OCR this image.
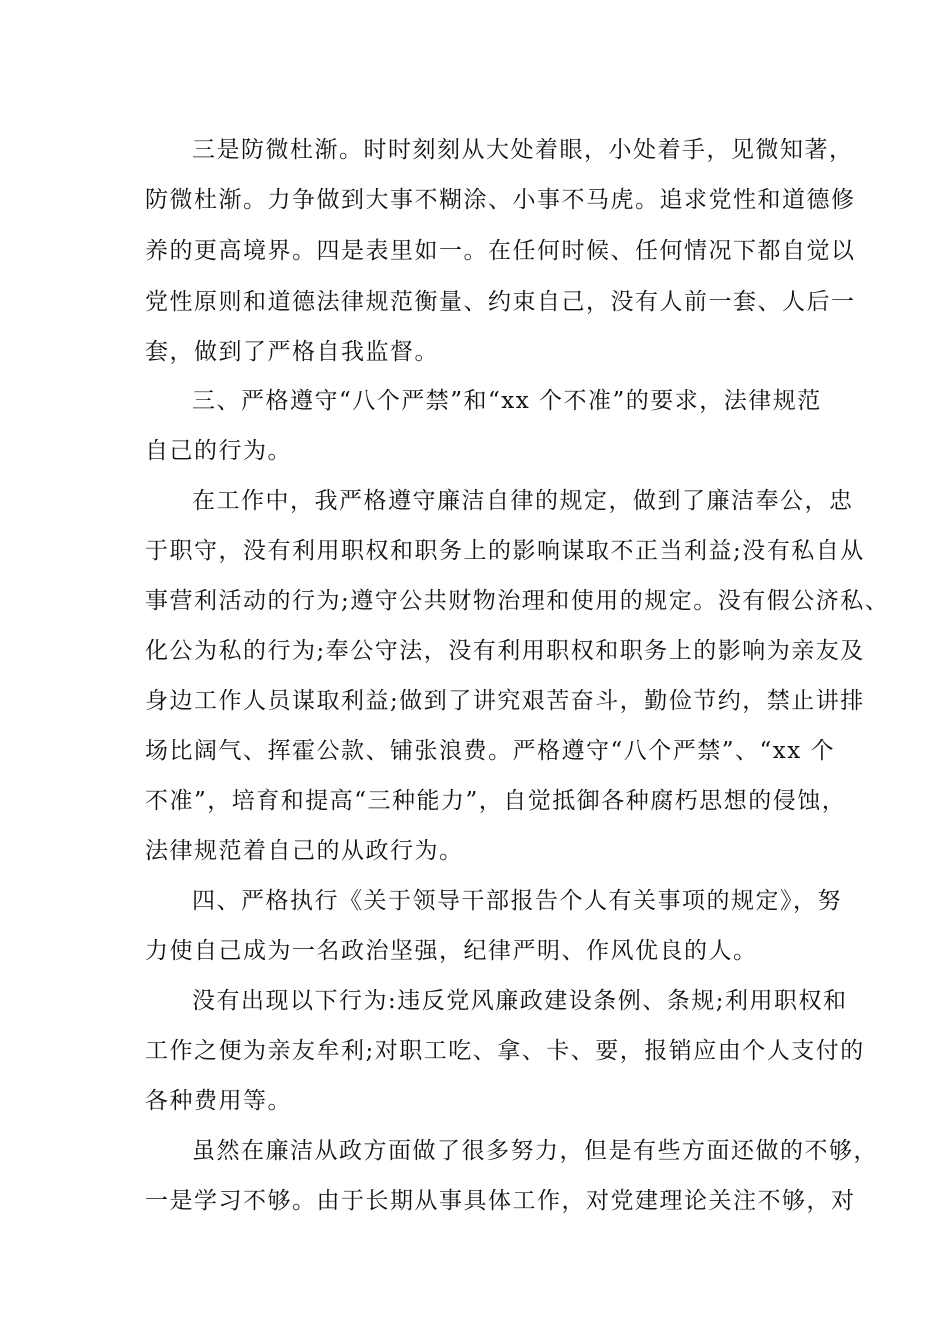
三是防微杜渐。时时刻刻从大处着眼，小处着手，见微知著，
防微杜渐。力争做到大事不糊涂、小事不马虎。追求党性和道德修
养的更高境界。四是表里如一。在任何时候、任何情况下都自觉以
党性原则和道德法律规范衡量、约束自己，没有人前一套、人后一
套，做到了严格自我监督。
三、严格遵守“八个严禁”和“xx 个不准”的要求，法律规范
自己的行为。
在工作中，我严格遵守廉洁自律的规定，做到了廉洁奉公，忠
于职守，没有利用职权和职务上的影响谋取不正当利益;没有私自从
事营利活动的行为;遵守公共财物治理和使用的规定。没有假公济私、
化公为私的行为;奉公守法，没有利用职权和职务上的影响为亲友及
身边工作人员谋取利益;做到了讲究艰苦奋斗，勤俭节约，禁止讲排
场比阔气、挥霍公款、铺张浪费。严格遵守“八个严禁”、“xx 个
不准”，培育和提高“三种能力”，自觉抵御各种腐朽思想的侵蚀，
法律规范着自己的从政行为。
四、严格执行《关于领导干部报告个人有关事项的规定》，努
力使自己成为一名政治坚强，纪律严明、作风优良的人。
没有出现以下行为:违反党风廉政建设条例、条规;利用职权和
工作之便为亲友牟利;对职工吃、拿、卡、要，报销应由个人支付的
各种费用等。
虽然在廉洁从政方面做了很多努力，但是有些方面还做的不够，
一是学习不够。由于长期从事具体工作，对党建理论关注不够，对
